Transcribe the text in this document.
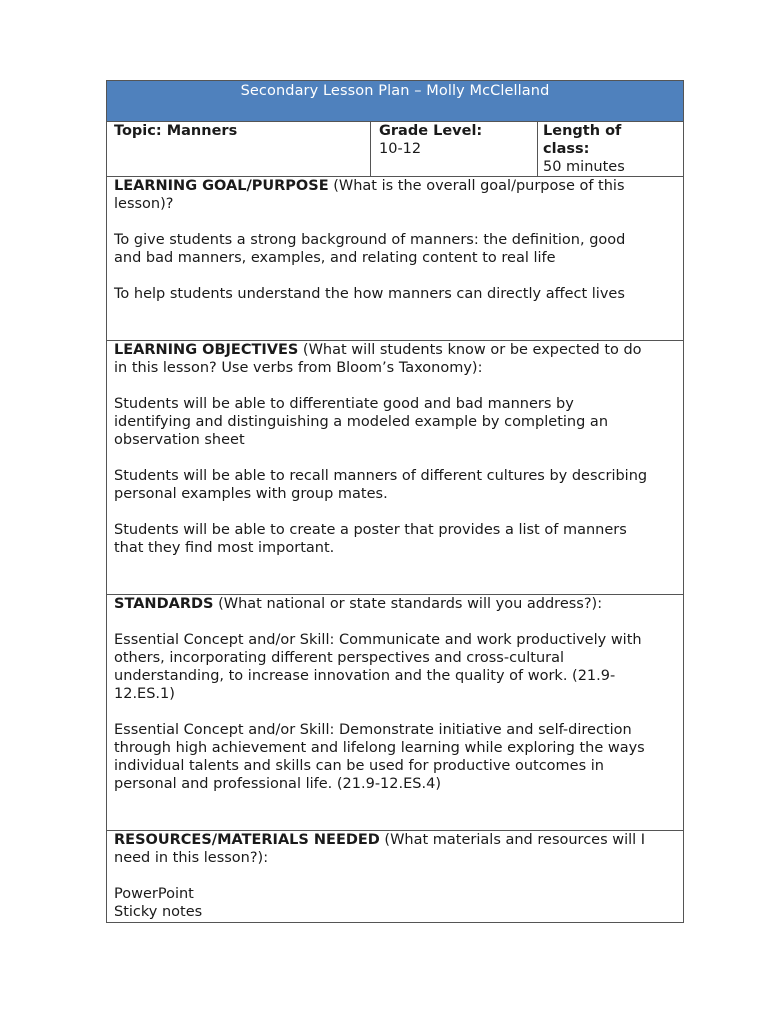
Secondary Lesson Plan – Molly McClelland
Topic: Manners	Grade Level:
10-12
Length of
class:
50 minutes

LEARNING GOAL/PURPOSE (What is the overall goal/purpose of this

lesson)?

To give students a strong background of manners: the definition, good

and bad manners, examples, and relating content to real life

To help students understand the how manners can directly affect lives

LEARNING OBJECTIVES (What will students know or be expected to do

in this lesson? Use verbs from Bloom’s Taxonomy):

Students will be able to differentiate good and bad manners by

identifying and distinguishing a modeled example by completing an

observation sheet

Students will be able to recall manners of different cultures by describing

personal examples with group mates.

Students will be able to create a poster that provides a list of manners

that they find most important.

STANDARDS (What national or state standards will you address?):

Essential Concept and/or Skill: Communicate and work productively with

others, incorporating different perspectives and cross-cultural

understanding, to increase innovation and the quality of work. (21.9-

12.ES.1)

Essential Concept and/or Skill: Demonstrate initiative and self-direction

through high achievement and lifelong learning while exploring the ways

individual talents and skills can be used for productive outcomes in

personal and professional life. (21.9-12.ES.4)

RESOURCES/MATERIALS NEEDED (What materials and resources will I

need in this lesson?):

PowerPoint

Sticky notes
